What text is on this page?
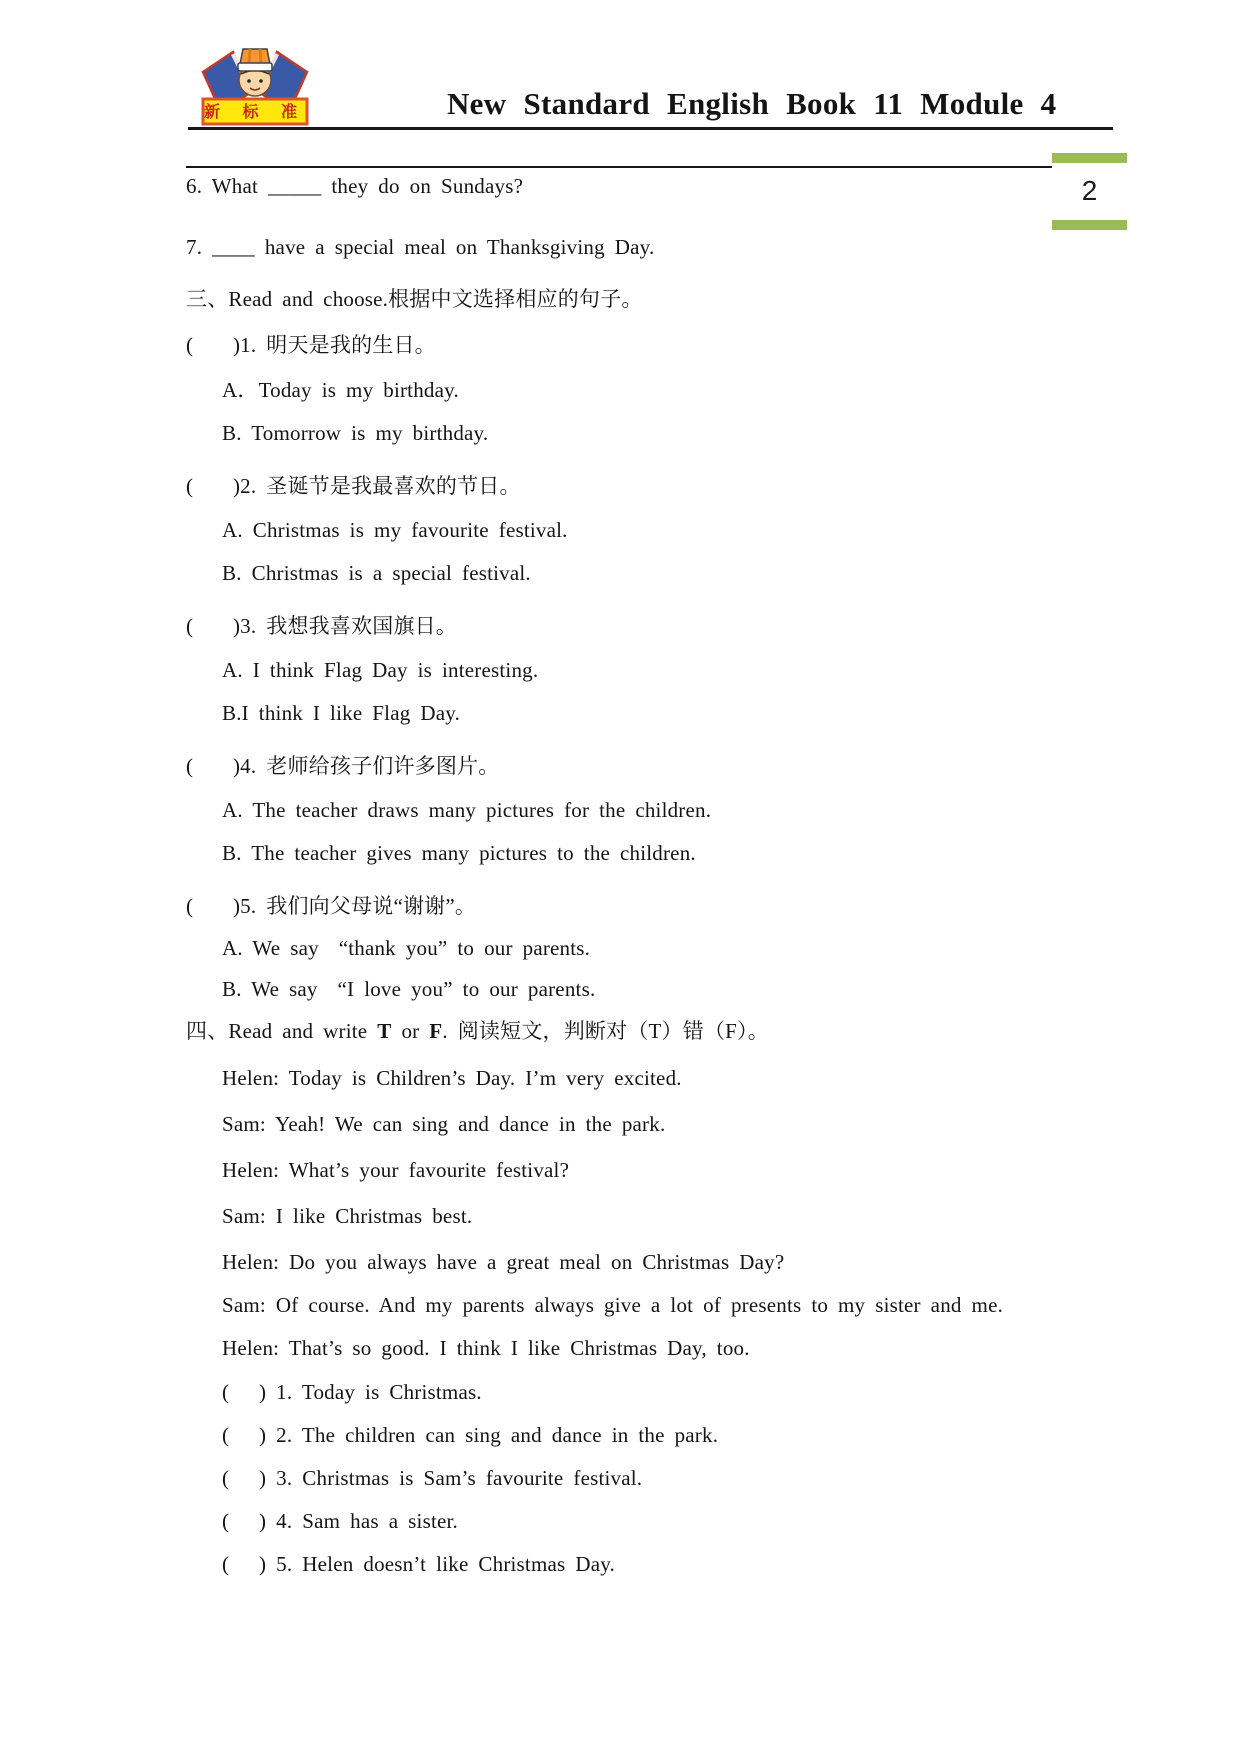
新 标 准	New Standard English Book 11 Module 4
2
6. What _____ they do on Sundays?
7. ____ have a special meal on Thanksgiving Day.
三、Read and choose.根据中文选择相应的句子。
(    )1. 明天是我的生日。
A．Today is my birthday.
B. Tomorrow is my birthday.
(    )2. 圣诞节是我最喜欢的节日。
A. Christmas is my favourite festival.
B. Christmas is a special festival.
(    )3. 我想我喜欢国旗日。
A. I think Flag Day is interesting.
B.I think I like Flag Day.
(    )4. 老师给孩子们许多图片。
A. The teacher draws many pictures for the children.
B. The teacher gives many pictures to the children.
(    )5. 我们向父母说“谢谢”。
A. We say  “thank you” to our parents.
B. We say  “I love you” to our parents.
四、Read and write T or F. 阅读短文，判断对（T）错（F）。
Helen: Today is Children’s Day. I’m very excited.
Sam: Yeah! We can sing and dance in the park.
Helen: What’s your favourite festival?
Sam: I like Christmas best.
Helen: Do you always have a great meal on Christmas Day?
Sam: Of course. And my parents always give a lot of presents to my sister and me.
Helen: That’s so good. I think I like Christmas Day, too.
(   ) 1. Today is Christmas.
(   ) 2. The children can sing and dance in the park.
(   ) 3. Christmas is Sam’s favourite festival.
(   ) 4. Sam has a sister.
(   ) 5. Helen doesn’t like Christmas Day.
